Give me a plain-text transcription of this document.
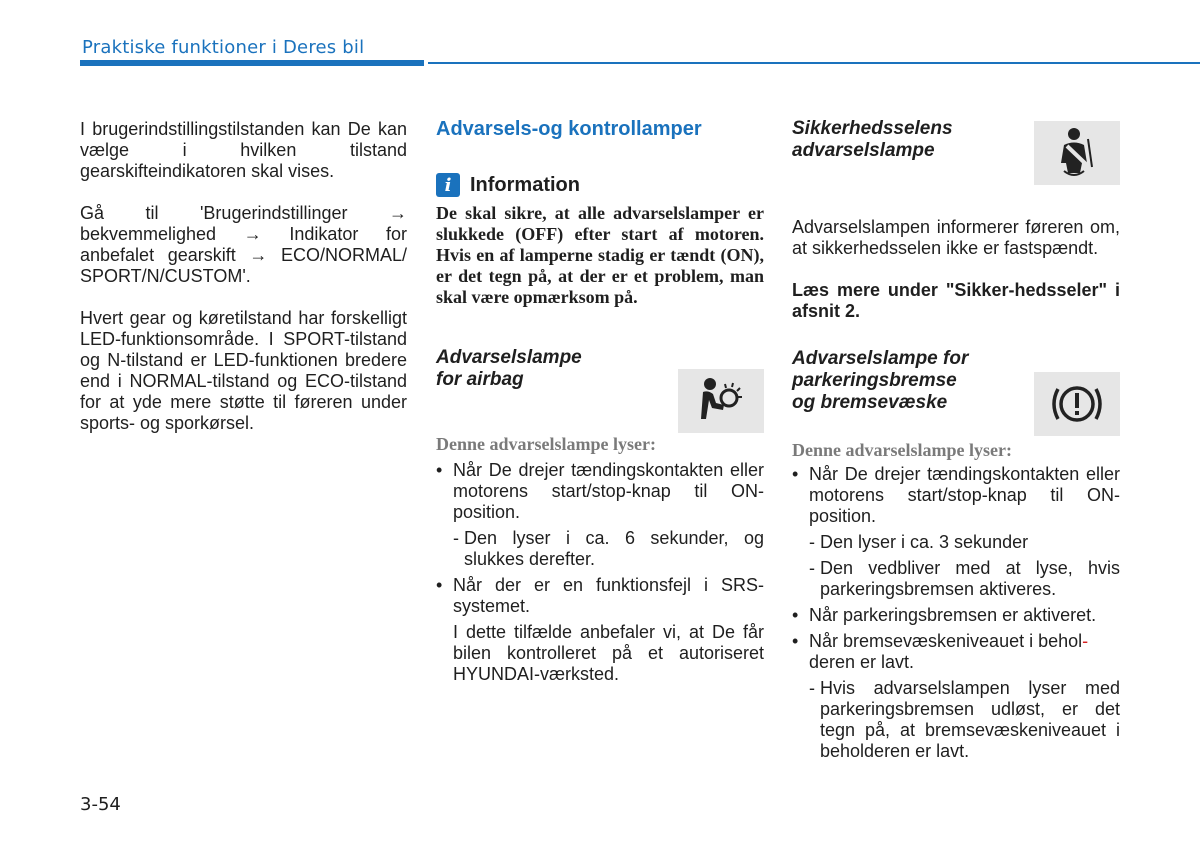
Praktiske funktioner i Deres bil

I brugerindstillingstilstanden kan De kan vælge i hvilken tilstand gearskifteindikatoren skal vises.

Gå til 'Brugerindstillinger → bekvemmelighed → Indikator for anbefalet gearskift → ECO/NORMAL/ SPORT/N/CUSTOM'.

Hvert gear og køretilstand har forskelligt LED-funktionsområde. I SPORT-tilstand og N-tilstand er LED-funktionen bredere end i NORMAL-tilstand og ECO-tilstand for at yde mere støtte til føreren under sports- og sporkørsel.

Advarsels-og kontrollamper
i Information

De skal sikre, at alle advarselslamper er slukkede (OFF) efter start af motoren. Hvis en af lamperne stadig er tændt (ON), er det tegn på, at der er et problem, man skal være opmærksom på.

Advarselslampe
for airbag
Denne advarselslampe lyser:
• Når De drejer tændingskontakten eller motorens start/stop-knap til ON-position.
- Den lyser i ca. 6 sekunder, og slukkes derefter.
• Når der er en funktionsfejl i SRS-systemet.
I dette tilfælde anbefaler vi, at De får bilen kontrolleret på et autoriseret HYUNDAI-værksted.
Sikkerhedsselens
advarselslampe

Advarselslampen informerer føreren om, at sikkerhedsselen ikke er fastspændt.

Læs mere under "Sikker-hedsseler" i afsnit 2.

Advarselslampe for
parkeringsbremse
og bremsevæske
Denne advarselslampe lyser:
• Når De drejer tændingskontakten eller motorens start/stop-knap til ON-position.
- Den lyser i ca. 3 sekunder
- Den vedbliver med at lyse, hvis parkeringsbremsen aktiveres.
• Når parkeringsbremsen er aktiveret.
• Når bremsevæskeniveauet i behol-
deren er lavt.
- Hvis advarselslampen lyser med parkeringsbremsen udløst, er det tegn på, at bremsevæskeniveauet i beholderen er lavt.
3-54
